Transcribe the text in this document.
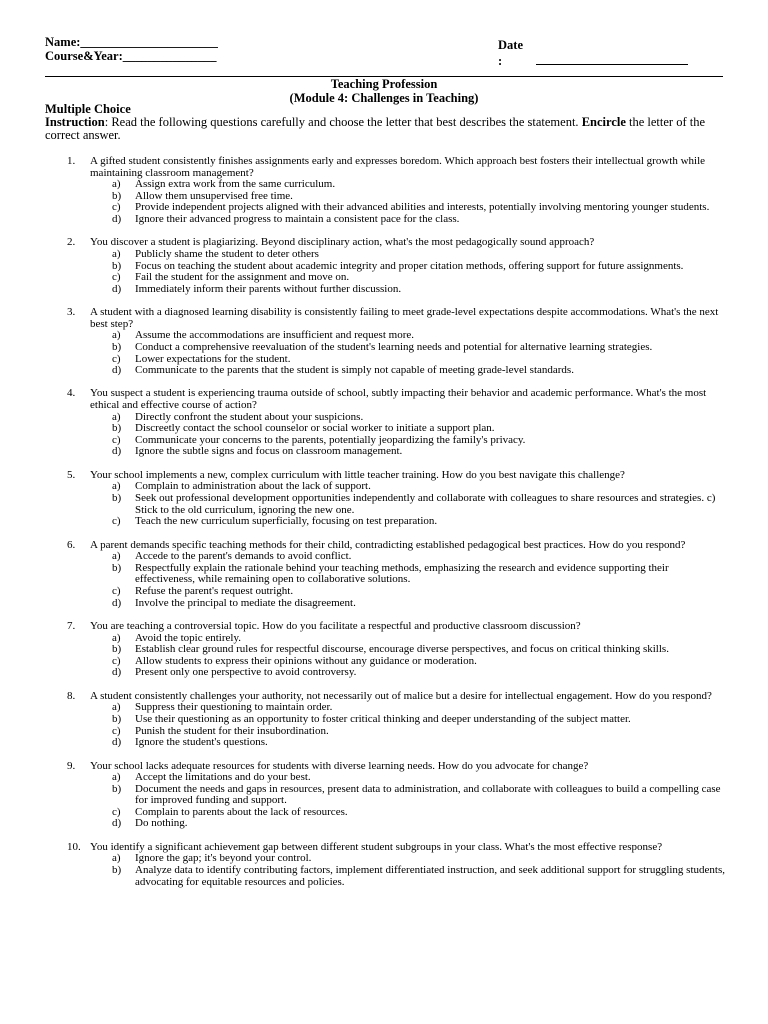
Name:______________________
Course&Year:_______________
Date
:
Teaching Profession
(Module 4: Challenges in Teaching)
Multiple Choice
Instruction: Read the following questions carefully and choose the letter that best describes the statement. Encircle the letter of the correct answer.
1.	A gifted student consistently finishes assignments early and expresses boredom. Which approach best fosters their intellectual growth while maintaining classroom management?
a) Assign extra work from the same curriculum.
b) Allow them unsupervised free time.
c) Provide independent projects aligned with their advanced abilities and interests, potentially involving mentoring younger students.
d) Ignore their advanced progress to maintain a consistent pace for the class.
2.	You discover a student is plagiarizing. Beyond disciplinary action, what's the most pedagogically sound approach?
a) Publicly shame the student to deter others
b) Focus on teaching the student about academic integrity and proper citation methods, offering support for future assignments.
c) Fail the student for the assignment and move on.
d) Immediately inform their parents without further discussion.
3.	A student with a diagnosed learning disability is consistently failing to meet grade-level expectations despite accommodations. What's the next best step?
a) Assume the accommodations are insufficient and request more.
b) Conduct a comprehensive reevaluation of the student's learning needs and potential for alternative learning strategies.
c) Lower expectations for the student.
d) Communicate to the parents that the student is simply not capable of meeting grade-level standards.
4.	You suspect a student is experiencing trauma outside of school, subtly impacting their behavior and academic performance. What's the most ethical and effective course of action?
a) Directly confront the student about your suspicions.
b) Discreetly contact the school counselor or social worker to initiate a support plan.
c) Communicate your concerns to the parents, potentially jeopardizing the family's privacy.
d) Ignore the subtle signs and focus on classroom management.
5.	Your school implements a new, complex curriculum with little teacher training. How do you best navigate this challenge?
a) Complain to administration about the lack of support.
b) Seek out professional development opportunities independently and collaborate with colleagues to share resources and strategies. c) Stick to the old curriculum, ignoring the new one.
c) Teach the new curriculum superficially, focusing on test preparation.
6.	A parent demands specific teaching methods for their child, contradicting established pedagogical best practices. How do you respond?
a) Accede to the parent's demands to avoid conflict.
b) Respectfully explain the rationale behind your teaching methods, emphasizing the research and evidence supporting their effectiveness, while remaining open to collaborative solutions.
c) Refuse the parent's request outright.
d) Involve the principal to mediate the disagreement.
7.	You are teaching a controversial topic. How do you facilitate a respectful and productive classroom discussion?
a) Avoid the topic entirely.
b) Establish clear ground rules for respectful discourse, encourage diverse perspectives, and focus on critical thinking skills.
c) Allow students to express their opinions without any guidance or moderation.
d) Present only one perspective to avoid controversy.
8.	A student consistently challenges your authority, not necessarily out of malice but a desire for intellectual engagement. How do you respond?
a) Suppress their questioning to maintain order.
b) Use their questioning as an opportunity to foster critical thinking and deeper understanding of the subject matter.
c) Punish the student for their insubordination.
d) Ignore the student's questions.
9.	Your school lacks adequate resources for students with diverse learning needs. How do you advocate for change?
a) Accept the limitations and do your best.
b) Document the needs and gaps in resources, present data to administration, and collaborate with colleagues to build a compelling case for improved funding and support.
c) Complain to parents about the lack of resources.
d) Do nothing.
10. You identify a significant achievement gap between different student subgroups in your class. What's the most effective response?
a) Ignore the gap; it's beyond your control.
b) Analyze data to identify contributing factors, implement differentiated instruction, and seek additional support for struggling students, advocating for equitable resources and policies.
